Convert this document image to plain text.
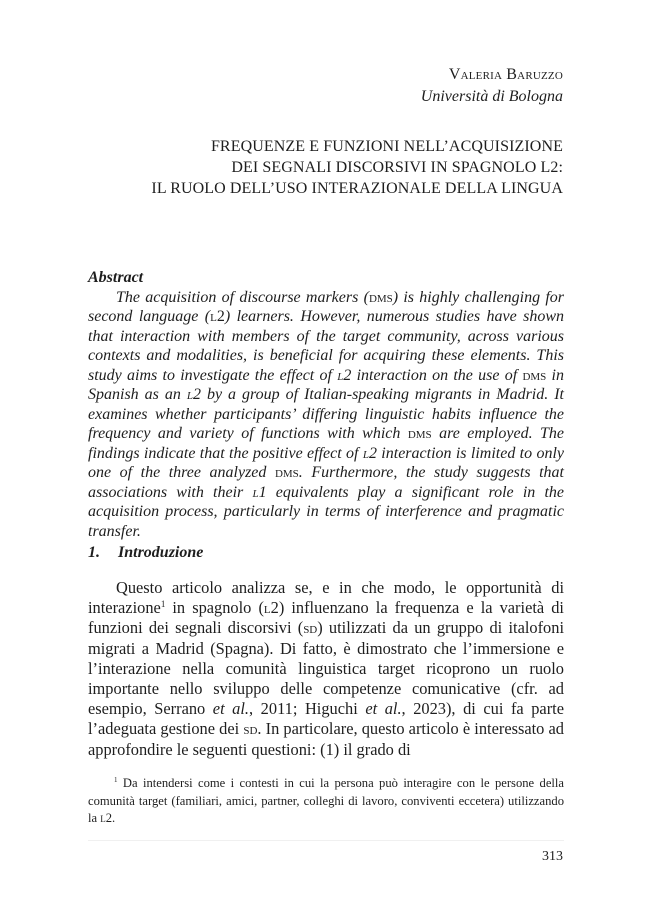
Valeria Baruzzo
Università di Bologna
FREQUENZE E FUNZIONI NELL’ACQUISIZIONE
DEI SEGNALI DISCORSIVI IN SPAGNOLO L2:
IL RUOLO DELL’USO INTERAZIONALE DELLA LINGUA

Abstract

The acquisition of discourse markers (dms) is highly challenging for second language (l2) learners. However, numerous studies have shown that interaction with members of the target community, across various contexts and modalities, is beneficial for acquiring these elements. This study aims to investigate the effect of l2 interaction on the use of dms in Spanish as an l2 by a group of Italian-speaking migrants in Madrid. It examines whether participants’ differing linguistic habits influence the frequency and variety of functions with which dms are employed. The findings indicate that the positive effect of l2 interaction is limited to only one of the three analyzed dms. Furthermore, the study suggests that associations with their l1 equivalents play a significant role in the acquisition process, particularly in terms of interference and pragmatic transfer.

1. Introduzione

Questo articolo analizza se, e in che modo, le opportunità di interazione$^1$ in spagnolo (l2) influenzano la frequenza e la varietà di funzioni dei segnali discorsivi (sd) utilizzati da un gruppo di italofoni migrati a Madrid (Spagna). Di fatto, è dimostrato che l’immersione e l’interazione nella comunità linguistica target ricoprono un ruolo importante nello sviluppo delle competenze comunicative (cfr. ad esempio, Serrano et al., 2011; Higuchi et al., 2023), di cui fa parte l’adeguata gestione dei sd. In particolare, questo articolo è interessato ad approfondire le seguenti questioni: (1) il grado di

$^1$ Da intendersi come i contesti in cui la persona può interagire con le persone della comunità target (familiari, amici, partner, colleghi di lavoro, conviventi eccetera) utilizzando la l2.

313
